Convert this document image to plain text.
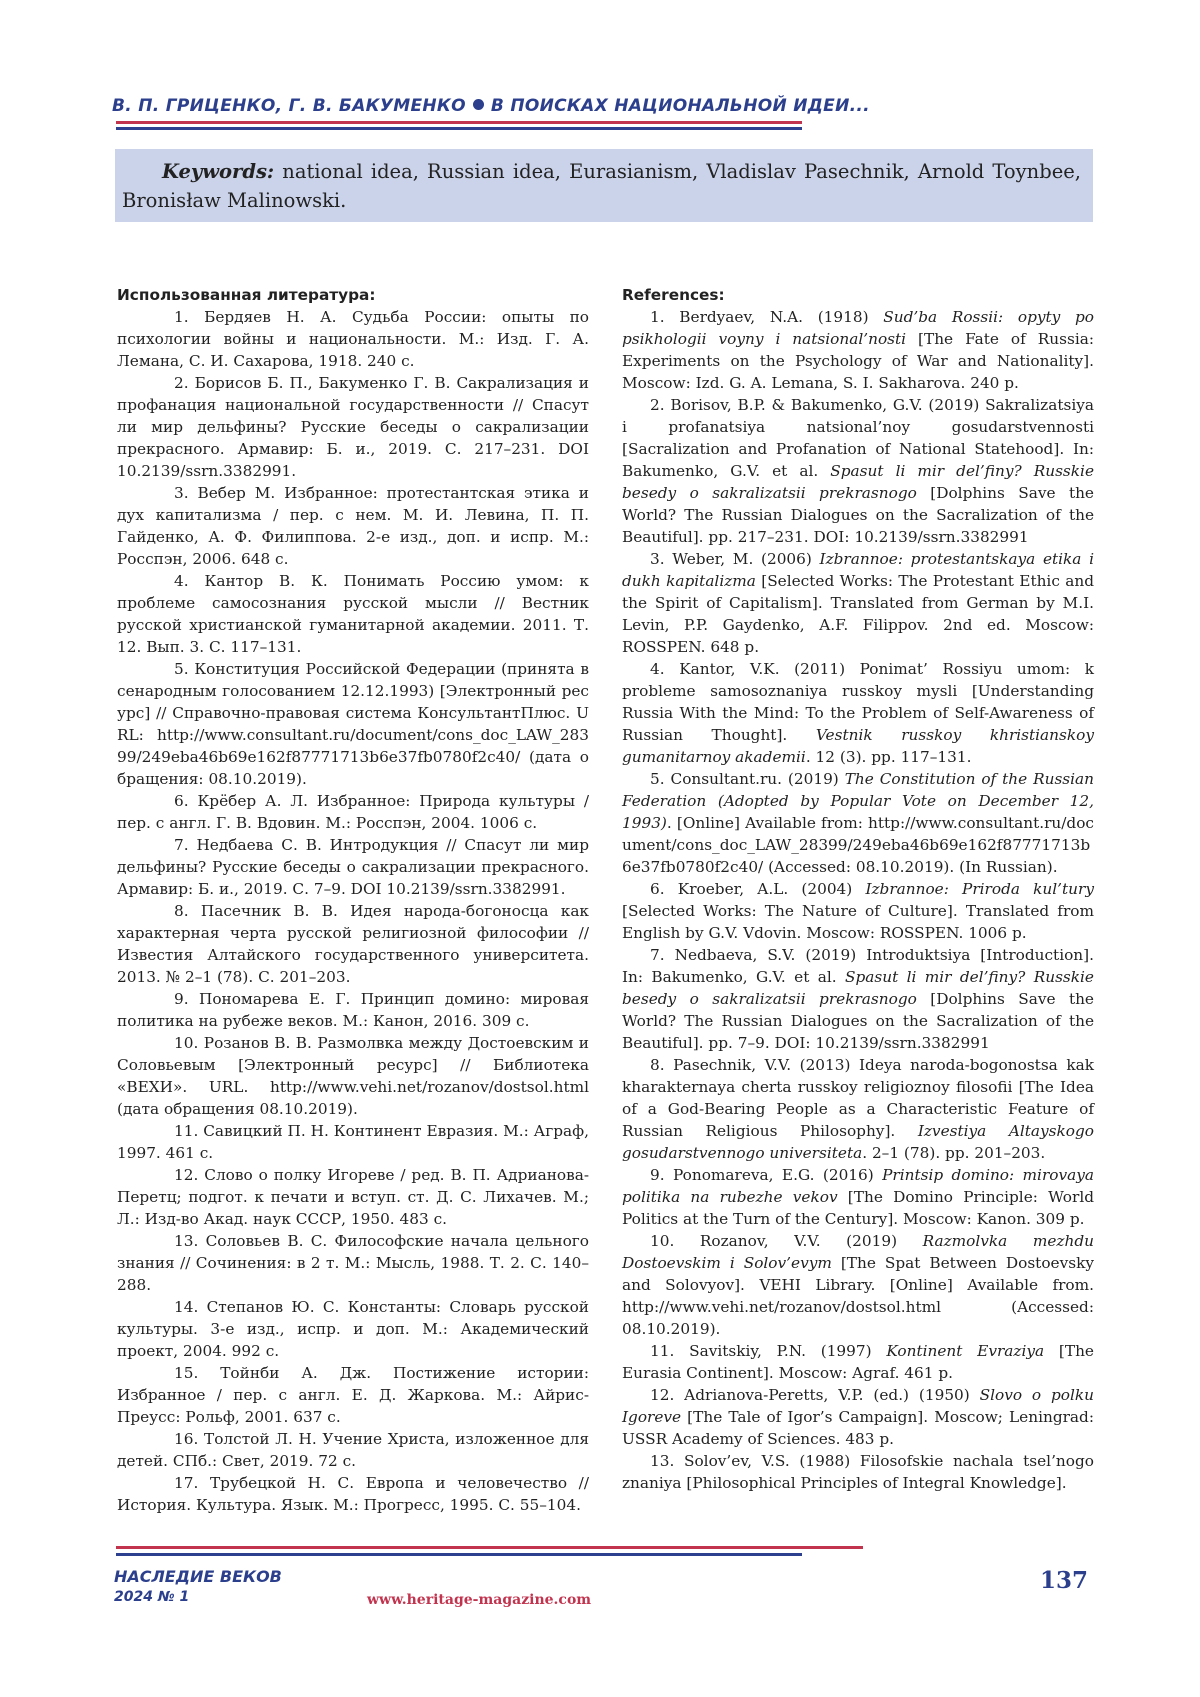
В. П. ГРИЦЕНКО, Г. В. БАКУМЕНКО В ПОИСКАХ НАЦИОНАЛЬНОЙ ИДЕИ...
Keywords: national idea, Russian idea, Eurasianism, Vladislav Pasechnik, Arnold Toynbee, Bronisław Malinowski.
Использованная литература:

1. Бердяев Н. А. Судьба России: опыты по психологии войны и национальности. М.: Изд. Г. А. Лемана, С. И. Сахарова, 1918. 240 с.

2. Борисов Б. П., Бакуменко Г. В. Сакрализация и профанация национальной государственности // Спасут ли мир дельфины? Русские беседы о сакрализации прекрасного. Армавир: Б. и., 2019. С. 217–231. DOI 10.2139/ssrn.3382991.

3. Вебер М. Избранное: протестантская этика и дух капитализма / пер. с нем. М. И. Левина, П. П. Гайденко, А. Ф. Филиппова. 2-е изд., доп. и испр. М.: Росспэн, 2006. 648 с.

4. Кантор В. К. Понимать Россию умом: к проблеме самосознания русской мысли // Вестник русской христианской гуманитарной академии. 2011. Т. 12. Вып. 3. С. 117–131.

5. Конституция Российской Федерации (принята всенародным голосованием 12.12.1993) [Электронный ресурс] // Справочно-правовая система КонсультантПлюс. URL: http://www.consultant.ru/document/cons_doc_LAW_28399/249eba46b69e162f87771713b6e37fb0780f2c40/ (дата обращения: 08.10.2019).

6. Крёбер А. Л. Избранное: Природа культуры / пер. с англ. Г. В. Вдовин. М.: Росспэн, 2004. 1006 с.

7. Недбаева С. В. Интродукция // Спасут ли мир дельфины? Русские беседы о сакрализации прекрасного. Армавир: Б. и., 2019. С. 7–9. DOI 10.2139/ssrn.3382991.

8. Пасечник В. В. Идея народа-богоносца как характерная черта русской религиозной философии // Известия Алтайского государственного университета. 2013. № 2–1 (78). С. 201–203.

9. Пономарева Е. Г. Принцип домино: мировая политика на рубеже веков. М.: Канон, 2016. 309 с.

10. Розанов В. В. Размолвка между Достоевским и Соловьевым [Электронный ресурс] // Библиотека «ВЕХИ». URL. http://www.vehi.net/rozanov/dostsol.html (дата обращения 08.10.2019).

11. Савицкий П. Н. Континент Евразия. М.: Аграф, 1997. 461 с.

12. Слово о полку Игореве / ред. В. П. Адрианова-Перетц; подгот. к печати и вступ. ст. Д. С. Лихачев. М.; Л.: Изд-во Акад. наук СССР, 1950. 483 с.

13. Соловьев В. С. Философские начала цельного знания // Сочинения: в 2 т. М.: Мысль, 1988. Т. 2. С. 140–288.

14. Степанов Ю. С. Константы: Словарь русской культуры. 3-е изд., испр. и доп. М.: Академический проект, 2004. 992 с.

15. Тойнби А. Дж. Постижение истории: Избранное / пер. с англ. Е. Д. Жаркова. М.: Айрис-Преусс: Рольф, 2001. 637 с.

16. Толстой Л. Н. Учение Христа, изложенное для детей. СПб.: Свет, 2019. 72 с.

17. Трубецкой Н. С. Европа и человечество // История. Культура. Язык. М.: Прогресс, 1995. С. 55–104.

References:

1. Berdyaev, N.A. (1918) Sud’ba Rossii: opyty po psikhologii voyny i natsional’nosti [The Fate of Russia: Experiments on the Psychology of War and Nationality]. Moscow: Izd. G. A. Lemana, S. I. Sakharova. 240 p.

2. Borisov, B.P. & Bakumenko, G.V. (2019) Sakralizatsiya i profanatsiya natsional’noy gosudarstvennosti [Sacralization and Profanation of National Statehood]. In: Bakumenko, G.V. et al. Spasut li mir del’finy? Russkie besedy o sakralizatsii prekrasnogo [Dolphins Save the World? The Russian Dialogues on the Sacralization of the Beautiful]. pp. 217–231. DOI: 10.2139/ssrn.3382991

3. Weber, M. (2006) Izbrannoe: protestantskaya etika i dukh kapitalizma [Selected Works: The Protestant Ethic and the Spirit of Capitalism]. Translated from German by M.I. Levin, P.P. Gaydenko, A.F. Filippov. 2nd ed. Moscow: ROSSPEN. 648 p.

4. Kantor, V.K. (2011) Ponimat’ Rossiyu umom: k probleme samosoznaniya russkoy mysli [Understanding Russia With the Mind: To the Problem of Self-Awareness of Russian Thought]. Vestnik russkoy khristianskoy gumanitarnoy akademii. 12 (3). pp. 117–131.

5. Consultant.ru. (2019) The Constitution of the Russian Federation (Adopted by Popular Vote on December 12, 1993). [Online] Available from: http://www.consultant.ru/document/cons_doc_LAW_28399/249eba46b69e162f87771713b6e37fb0780f2c40/ (Accessed: 08.10.2019). (In Russian).

6. Kroeber, A.L. (2004) Izbrannoe: Priroda kul’tury [Selected Works: The Nature of Culture]. Translated from English by G.V. Vdovin. Moscow: ROSSPEN. 1006 p.

7. Nedbaeva, S.V. (2019) Introduktsiya [Introduction]. In: Bakumenko, G.V. et al. Spasut li mir del’finy? Russkie besedy o sakralizatsii prekrasnogo [Dolphins Save the World? The Russian Dialogues on the Sacralization of the Beautiful]. pp. 7–9. DOI: 10.2139/ssrn.3382991

8. Pasechnik, V.V. (2013) Ideya naroda-bogonostsa kak kharakternaya cherta russkoy religioznoy filosofii [The Idea of a God-Bearing People as a Characteristic Feature of Russian Religious Philosophy]. Izvestiya Altayskogo gosudarstvennogo universiteta. 2–1 (78). pp. 201–203.

9. Ponomareva, E.G. (2016) Printsip domino: mirovaya politika na rubezhe vekov [The Domino Principle: World Politics at the Turn of the Century]. Moscow: Kanon. 309 p.

10. Rozanov, V.V. (2019) Razmolvka mezhdu Dostoevskim i Solov’evym [The Spat Between Dostoevsky and Solovyov]. VEHI Library. [Online] Available from. http://www.vehi.net/rozanov/dostsol.html (Accessed: 08.10.2019).

11. Savitskiy, P.N. (1997) Kontinent Evraziya [The Eurasia Continent]. Moscow: Agraf. 461 p.

12. Adrianova-Peretts, V.P. (ed.) (1950) Slovo o polku Igoreve [The Tale of Igor’s Campaign]. Moscow; Leningrad: USSR Academy of Sciences. 483 p.

13. Solov’ev, V.S. (1988) Filosofskie nachala tsel’nogo znaniya [Philosophical Principles of Integral Knowledge].

НАСЛЕДИЕ ВЕКОВ
2024 № 1	www.heritage-magazine.com
137
